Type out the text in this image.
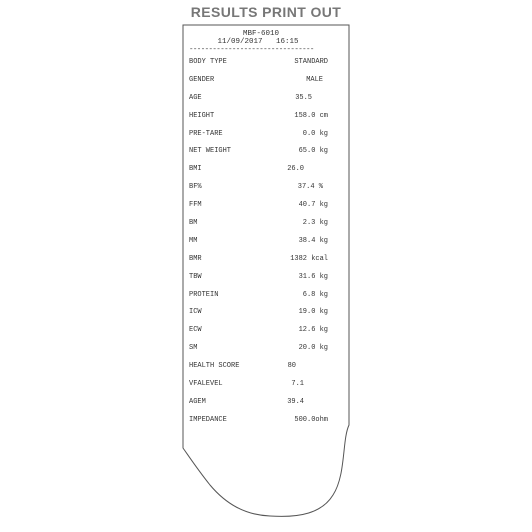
RESULTS PRINT OUT
MBF-6010
11/09/2017   16:15
--------------------------------
BODY TYPE	STANDARD
GENDER	MALE
AGE	35.5
HEIGHT	158.0 cm
PRE-TARE	0.0 kg
NET WEIGHT	65.0 kg
BMI	26.0
BF%	37.4 %
FFM	40.7 kg
BM	2.3 kg
MM	38.4 kg
BMR	1382 kcal
TBW	31.6 kg
PROTEIN	6.8 kg
ICW	19.0 kg
ECW	12.6 kg
SM	20.0 kg
HEALTH SCORE	80
VFALEVEL	7.1
AGEM	39.4
IMPEDANCE	500.0ohm
